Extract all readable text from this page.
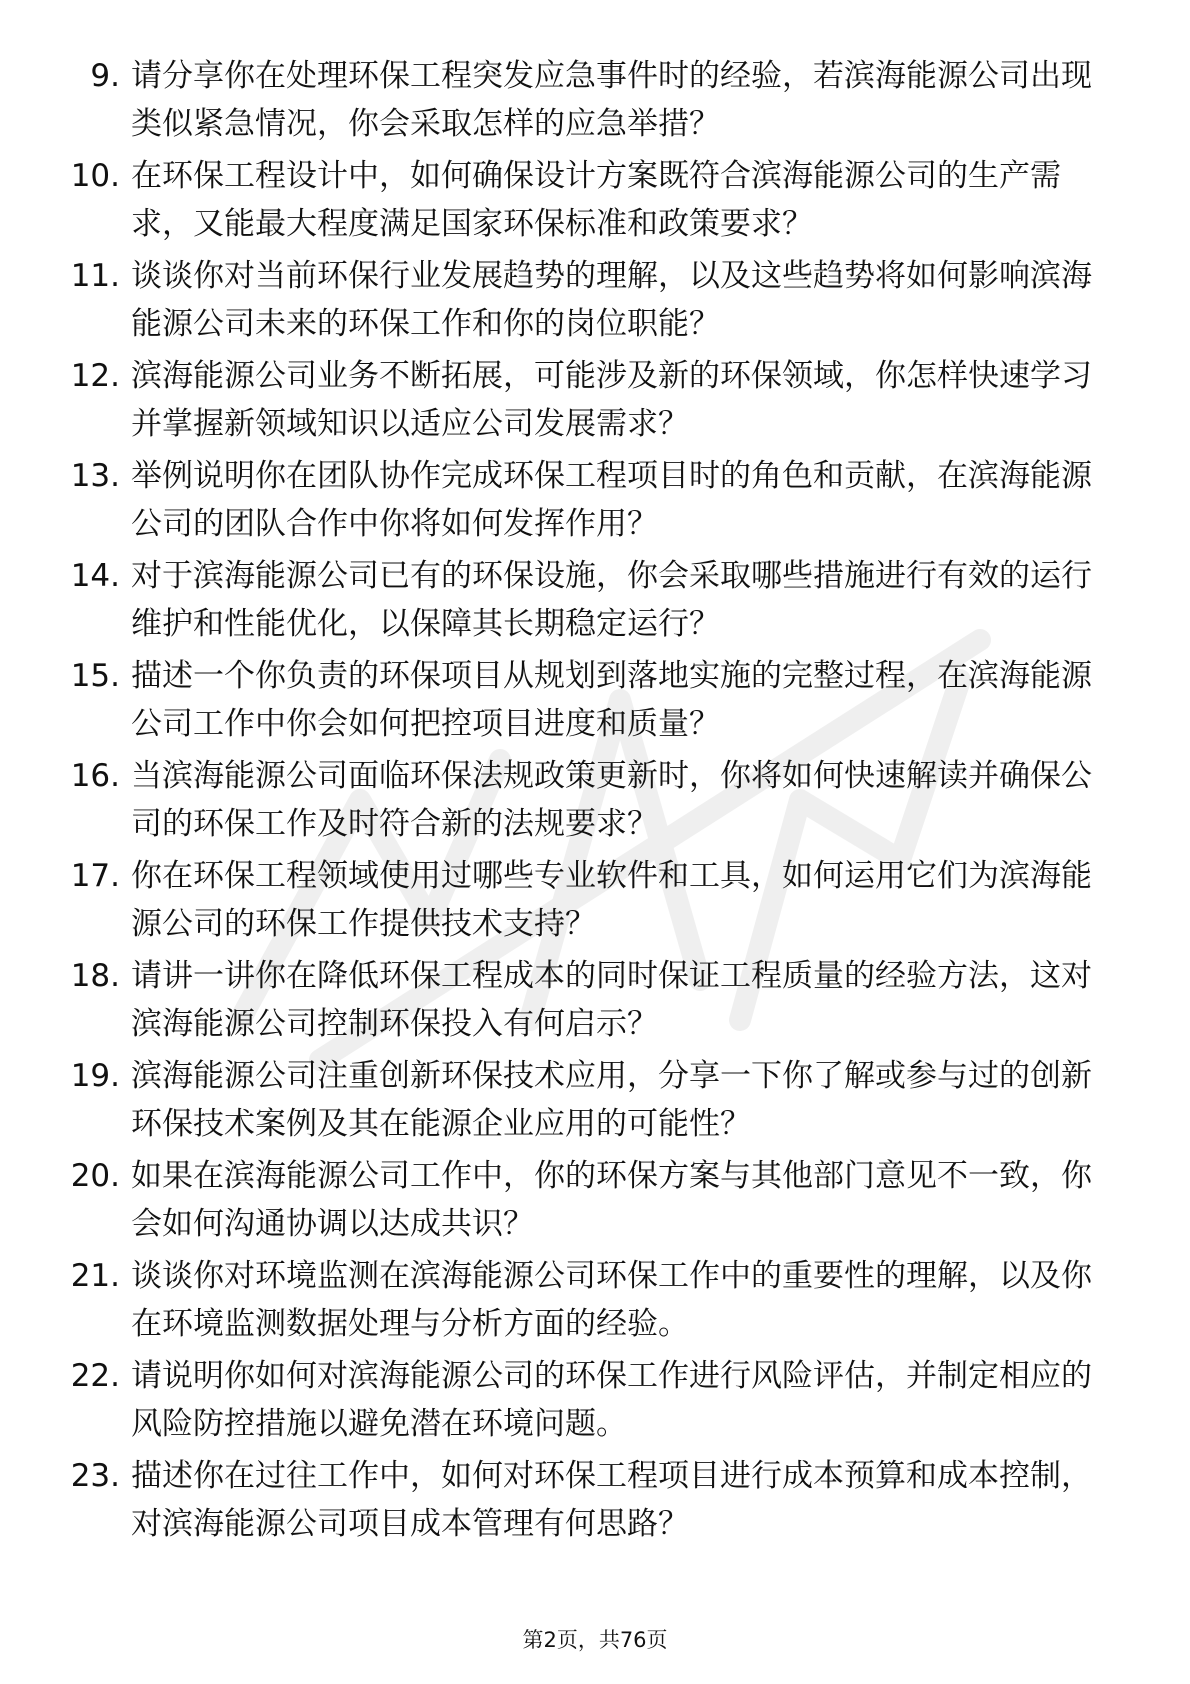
9. 请分享你在处理环保工程突发应急事件时的经验，若滨海能源公司出现类似紧急情况，你会采取怎样的应急举措？
10. 在环保工程设计中，如何确保设计方案既符合滨海能源公司的生产需求，又能最大程度满足国家环保标准和政策要求？
11. 谈谈你对当前环保行业发展趋势的理解，以及这些趋势将如何影响滨海能源公司未来的环保工作和你的岗位职能？
12. 滨海能源公司业务不断拓展，可能涉及新的环保领域，你怎样快速学习并掌握新领域知识以适应公司发展需求？
13. 举例说明你在团队协作完成环保工程项目时的角色和贡献，在滨海能源公司的团队合作中你将如何发挥作用？
14. 对于滨海能源公司已有的环保设施，你会采取哪些措施进行有效的运行维护和性能优化，以保障其长期稳定运行？
15. 描述一个你负责的环保项目从规划到落地实施的完整过程，在滨海能源公司工作中你会如何把控项目进度和质量？
16. 当滨海能源公司面临环保法规政策更新时，你将如何快速解读并确保公司的环保工作及时符合新的法规要求？
17. 你在环保工程领域使用过哪些专业软件和工具，如何运用它们为滨海能源公司的环保工作提供技术支持？
18. 请讲一讲你在降低环保工程成本的同时保证工程质量的经验方法，这对滨海能源公司控制环保投入有何启示？
19. 滨海能源公司注重创新环保技术应用，分享一下你了解或参与过的创新环保技术案例及其在能源企业应用的可能性？
20. 如果在滨海能源公司工作中，你的环保方案与其他部门意见不一致，你会如何沟通协调以达成共识？
21. 谈谈你对环境监测在滨海能源公司环保工作中的重要性的理解，以及你在环境监测数据处理与分析方面的经验。
22. 请说明你如何对滨海能源公司的环保工作进行风险评估，并制定相应的风险防控措施以避免潜在环境问题。
23. 描述你在过往工作中，如何对环保工程项目进行成本预算和成本控制，对滨海能源公司项目成本管理有何思路？
第2页，共76页
